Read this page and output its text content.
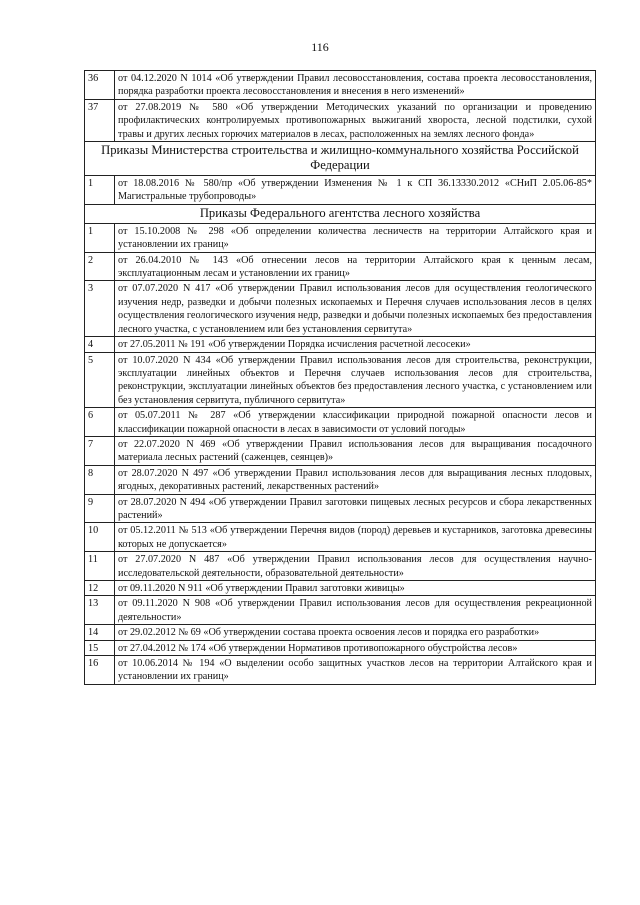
116
36	от 04.12.2020 N 1014 «Об утверждении Правил лесовосстановления, состава проекта лесовосстановления, порядка разработки проекта лесовосстановления и внесения в него изменений»
37	от 27.08.2019 № 580 «Об утверждении Методических указаний по организации и проведению профилактических контролируемых противопожарных выжиганий хвороста, лесной подстилки, сухой травы и других лесных горючих материалов в лесах, расположенных на землях лесного фонда»
Приказы Министерства строительства и жилищно-коммунального хозяйства Российской Федерации	
1	от 18.08.2016 № 580/пр «Об утверждении Изменения № 1 к СП 36.13330.2012 «СНиП 2.05.06-85* Магистральные трубопроводы»
Приказы Федерального агентства лесного хозяйства	
1	от 15.10.2008 № 298 «Об определении количества лесничеств на территории Алтайского края и установлении их границ»
2	от 26.04.2010 № 143 «Об отнесении лесов на территории Алтайского края к ценным лесам, эксплуатационным лесам и установлении их границ»
3	от 07.07.2020 N 417 «Об утверждении Правил использования лесов для осуществления геологического изучения недр, разведки и добычи полезных ископаемых и Перечня случаев использования лесов в целях осуществления геологического изучения недр, разведки и добычи полезных ископаемых без предоставления лесного участка, с установлением или без установления сервитута»
4	от 27.05.2011 № 191 «Об утверждении Порядка исчисления расчетной лесосеки»
5	от 10.07.2020 N 434 «Об утверждении Правил использования лесов для строительства, реконструкции, эксплуатации линейных объектов и Перечня случаев использования лесов для строительства, реконструкции, эксплуатации линейных объектов без предоставления лесного участка, с установлением или без установления сервитута, публичного сервитута»
6	от 05.07.2011 № 287 «Об утверждении классификации природной пожарной опасности лесов и классификации пожарной опасности в лесах в зависимости от условий погоды»
7	от 22.07.2020 N 469 «Об утверждении Правил использования лесов для выращивания посадочного материала лесных растений (саженцев, сеянцев)»
8	от 28.07.2020 N 497 «Об утверждении Правил использования лесов для выращивания лесных плодовых, ягодных, декоративных растений, лекарственных растений»
9	от 28.07.2020 N 494 «Об утверждении Правил заготовки пищевых лесных ресурсов и сбора лекарственных растений»
10	от 05.12.2011 № 513 «Об утверждении Перечня видов (пород) деревьев и кустарников, заготовка древесины которых не допускается»
11	от 27.07.2020 N 487 «Об утверждении Правил использования лесов для осуществления научно-исследовательской деятельности, образовательной деятельности»
12	от 09.11.2020 N 911 «Об утверждении Правил заготовки живицы»
13	от 09.11.2020 N 908 «Об утверждении Правил использования лесов для осуществления рекреационной деятельности»
14	от 29.02.2012 № 69 «Об утверждении состава проекта освоения лесов и порядка его разработки»
15	от 27.04.2012 № 174 «Об утверждении Нормативов противопожарного обустройства лесов»
16	от 10.06.2014 № 194 «О выделении особо защитных участков лесов на территории Алтайского края и установлении их границ»
